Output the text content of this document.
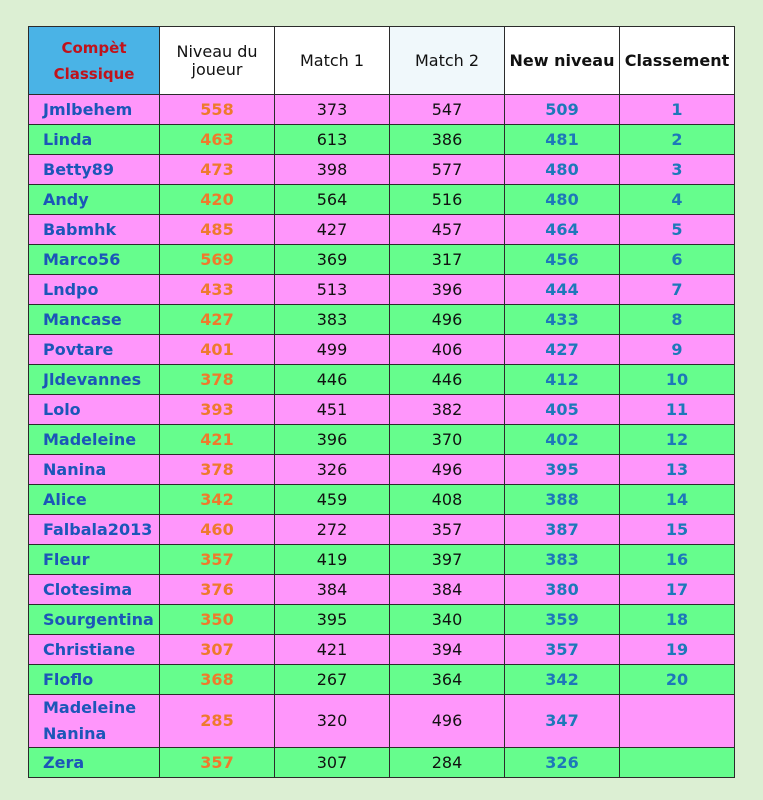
Compèt Classique	Niveau du joueur	Match 1	Match 2	New niveau	Classement
Jmlbehem	558	373	547	509	1
Linda	463	613	386	481	2
Betty89	473	398	577	480	3
Andy	420	564	516	480	4
Babmhk	485	427	457	464	5
Marco56	569	369	317	456	6
Lndpo	433	513	396	444	7
Mancase	427	383	496	433	8
Povtare	401	499	406	427	9
Jldevannes	378	446	446	412	10
Lolo	393	451	382	405	11
Madeleine	421	396	370	402	12
Nanina	378	326	496	395	13
Alice	342	459	408	388	14
Falbala2013	460	272	357	387	15
Fleur	357	419	397	383	16
Clotesima	376	384	384	380	17
Sourgentina	350	395	340	359	18
Christiane	307	421	394	357	19
Floflo	368	267	364	342	20
Madeleine Nanina	285	320	496	347	
Zera	357	307	284	326	
